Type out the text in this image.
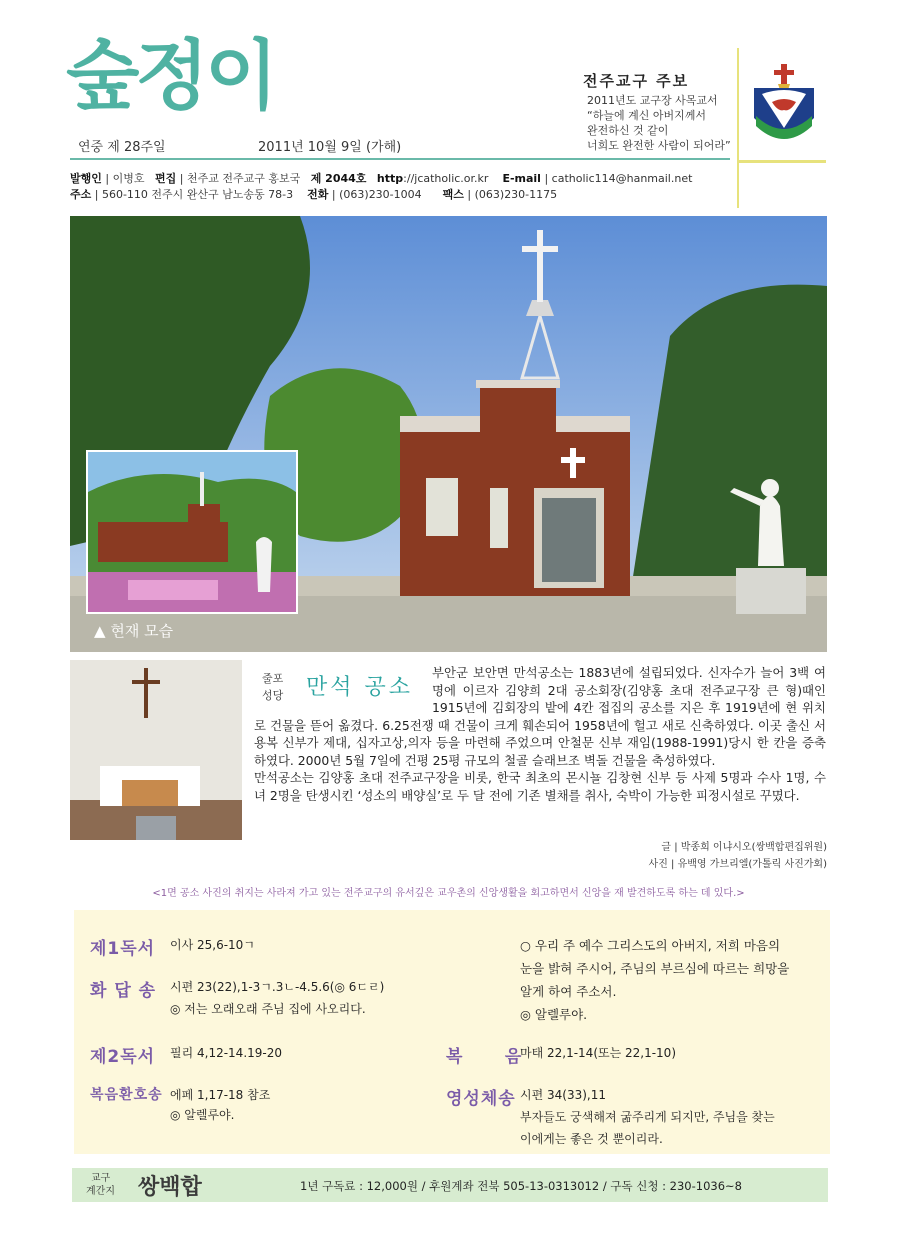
숲정이
연중 제 28주일	2011년 10월 9일 (가해)
전주교구 주보
2011년도 교구장 사목교서
“하늘에 계신 아버지께서
완전하신 것 같이
너희도 완전한 사람이 되어라”
발행인 | 이병호 편집 | 천주교 전주교구 홍보국 제 2044호 http://jcatholic.or.kr E-mail | catholic114@hanmail.net
주소 | 560-110 전주시 완산구 남노송동 78-3 전화 | (063)230-1004 팩스 | (063)230-1175
▲ 현재 모습
줄포
성당 만석 공소
부안군 보안면 만석공소는 1883년에 설립되었다. 신자수가 늘어 3백 여명에 이르자 김양희 2대 공소회장(김양홍 초대 전주교구장 큰 형)때인 1915년에 김회장의 밭에 4칸 접집의 공소를 지은 후 1919년에 현 위치로 건물을 뜯어 옮겼다. 6.25전쟁 때 건물이 크게 훼손되어 1958년에 헐고 새로 신축하였다. 이곳 출신 서용복 신부가 제대, 십자고상,의자 등을 마련해 주었으며 안철문 신부 재임(1988-1991)당시 한 칸을 증축하였다. 2000년 5월 7일에 건평 25평 규모의 철골 슬래브조 벽돌 건물을 축성하였다.
만석공소는 김양홍 초대 전주교구장을 비롯, 한국 최초의 몬시뇰 김창현 신부 등 사제 5명과 수사 1명, 수녀 2명을 탄생시킨 ‘성소의 배양실’로 두 달 전에 기존 별채를 취사, 숙박이 가능한 피정시설로 꾸몄다.
글 | 박종희 이냐시오(쌍백합편집위원)
사진 | 유백영 가브리엘(가톨릭 사진가회)
<1면 공소 사진의 취지는 사라져 가고 있는 전주교구의 유서깊은 교우촌의 신앙생활을 회고하면서 신앙을 재 발견하도록 하는 데 있다.>
제1독서 이사 25,6-10ㄱ
화 답 송 시편 23(22),1-3ㄱ.3ㄴ-4.5.6(◎ 6ㄷㄹ)
◎ 저는 오래오래 주님 집에 사오리다.
제2독서 필리 4,12-14.19-20
복음환호송 에페 1,17-18 참조
◎ 알렐루야.
○ 우리 주 예수 그리스도의 아버지, 저희 마음의
눈을 밝혀 주시어, 주님의 부르심에 따르는 희망을
알게 하여 주소서.
◎ 알렐루야.
복      음
마태 22,1-14(또는 22,1-10)
영성체송 시편 34(33),11
부자들도 궁색해져 굶주리게 되지만, 주님을 찾는
이에게는 좋은 것 뿐이리라.
교구
계간지 쌍백합	1년 구독료 : 12,000원 / 후원계좌 전북 505-13-0313012 / 구독 신청 : 230-1036~8
